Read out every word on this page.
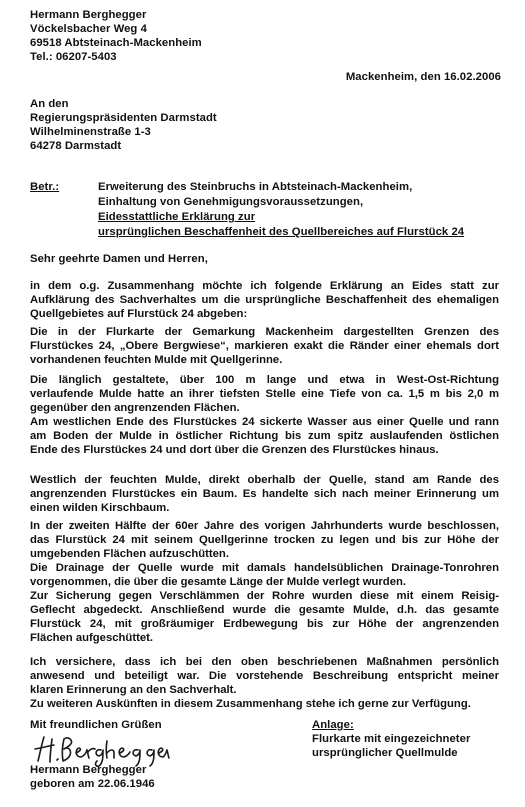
Hermann Berghegger

Vöckelsbacher Weg 4

69518 Abtsteinach-Mackenheim

Tel.: 06207-5403

Mackenheim, den 16.02.2006

An den

Regierungspräsidenten Darmstadt

Wilhelminenstraße 1-3

64278 Darmstadt

Betr.:	Erweiterung des Steinbruchs in Abtsteinach-Mackenheim,

Einhaltung von Genehmigungsvoraussetzungen,

Eidesstattliche Erklärung zur

ursprünglichen Beschaffenheit des Quellbereiches auf Flurstück 24

Sehr geehrte Damen und Herren,

in dem o.g. Zusammenhang möchte ich folgende Erklärung an Eides statt zur
Aufklärung des Sachverhaltes um die ursprüngliche Beschaffenheit des ehemaligen
Quellgebietes auf Flurstück 24 abgeben:
Die in der Flurkarte der Gemarkung Mackenheim dargestellten Grenzen des
Flurstückes 24, „Obere Bergwiese“, markieren exakt die Ränder einer ehemals dort
vorhandenen feuchten Mulde mit Quellgerinne.
Die länglich gestaltete, über 100 m lange und etwa in West-Ost-Richtung
verlaufende Mulde hatte an ihrer tiefsten Stelle eine Tiefe von ca. 1,5 m bis 2,0 m
gegenüber den angrenzenden Flächen.
Am westlichen Ende des Flurstückes 24 sickerte Wasser aus einer Quelle und rann
am Boden der Mulde in östlicher Richtung bis zum spitz auslaufenden östlichen
Ende des Flurstückes 24 und dort über die Grenzen des Flurstückes hinaus.
Westlich der feuchten Mulde, direkt oberhalb der Quelle, stand am Rande des
angrenzenden Flurstückes ein Baum. Es handelte sich nach meiner Erinnerung um
einen wilden Kirschbaum.
In der zweiten Hälfte der 60er Jahre des vorigen Jahrhunderts wurde beschlossen,
das Flurstück 24 mit seinem Quellgerinne trocken zu legen und bis zur Höhe der
umgebenden Flächen aufzuschütten.
Die Drainage der Quelle wurde mit damals handelsüblichen Drainage-Tonrohren
vorgenommen, die über die gesamte Länge der Mulde verlegt wurden.
Zur Sicherung gegen Verschlämmen der Rohre wurden diese mit einem Reisig-
Geflecht abgedeckt. Anschließend wurde die gesamte Mulde, d.h. das gesamte
Flurstück 24, mit großräumiger Erdbewegung bis zur Höhe der angrenzenden
Flächen aufgeschüttet.
Ich versichere, dass ich bei den oben beschriebenen Maßnahmen persönlich
anwesend und beteiligt war. Die vorstehende Beschreibung entspricht meiner
klaren Erinnerung an den Sachverhalt.
Zu weiteren Auskünften in diesem Zusammenhang stehe ich gerne zur Verfügung.

Mit freundlichen Grüßen

Hermann Berghegger

geboren am 22.06.1946

Anlage:

Flurkarte mit eingezeichneter

ursprünglicher Quellmulde
